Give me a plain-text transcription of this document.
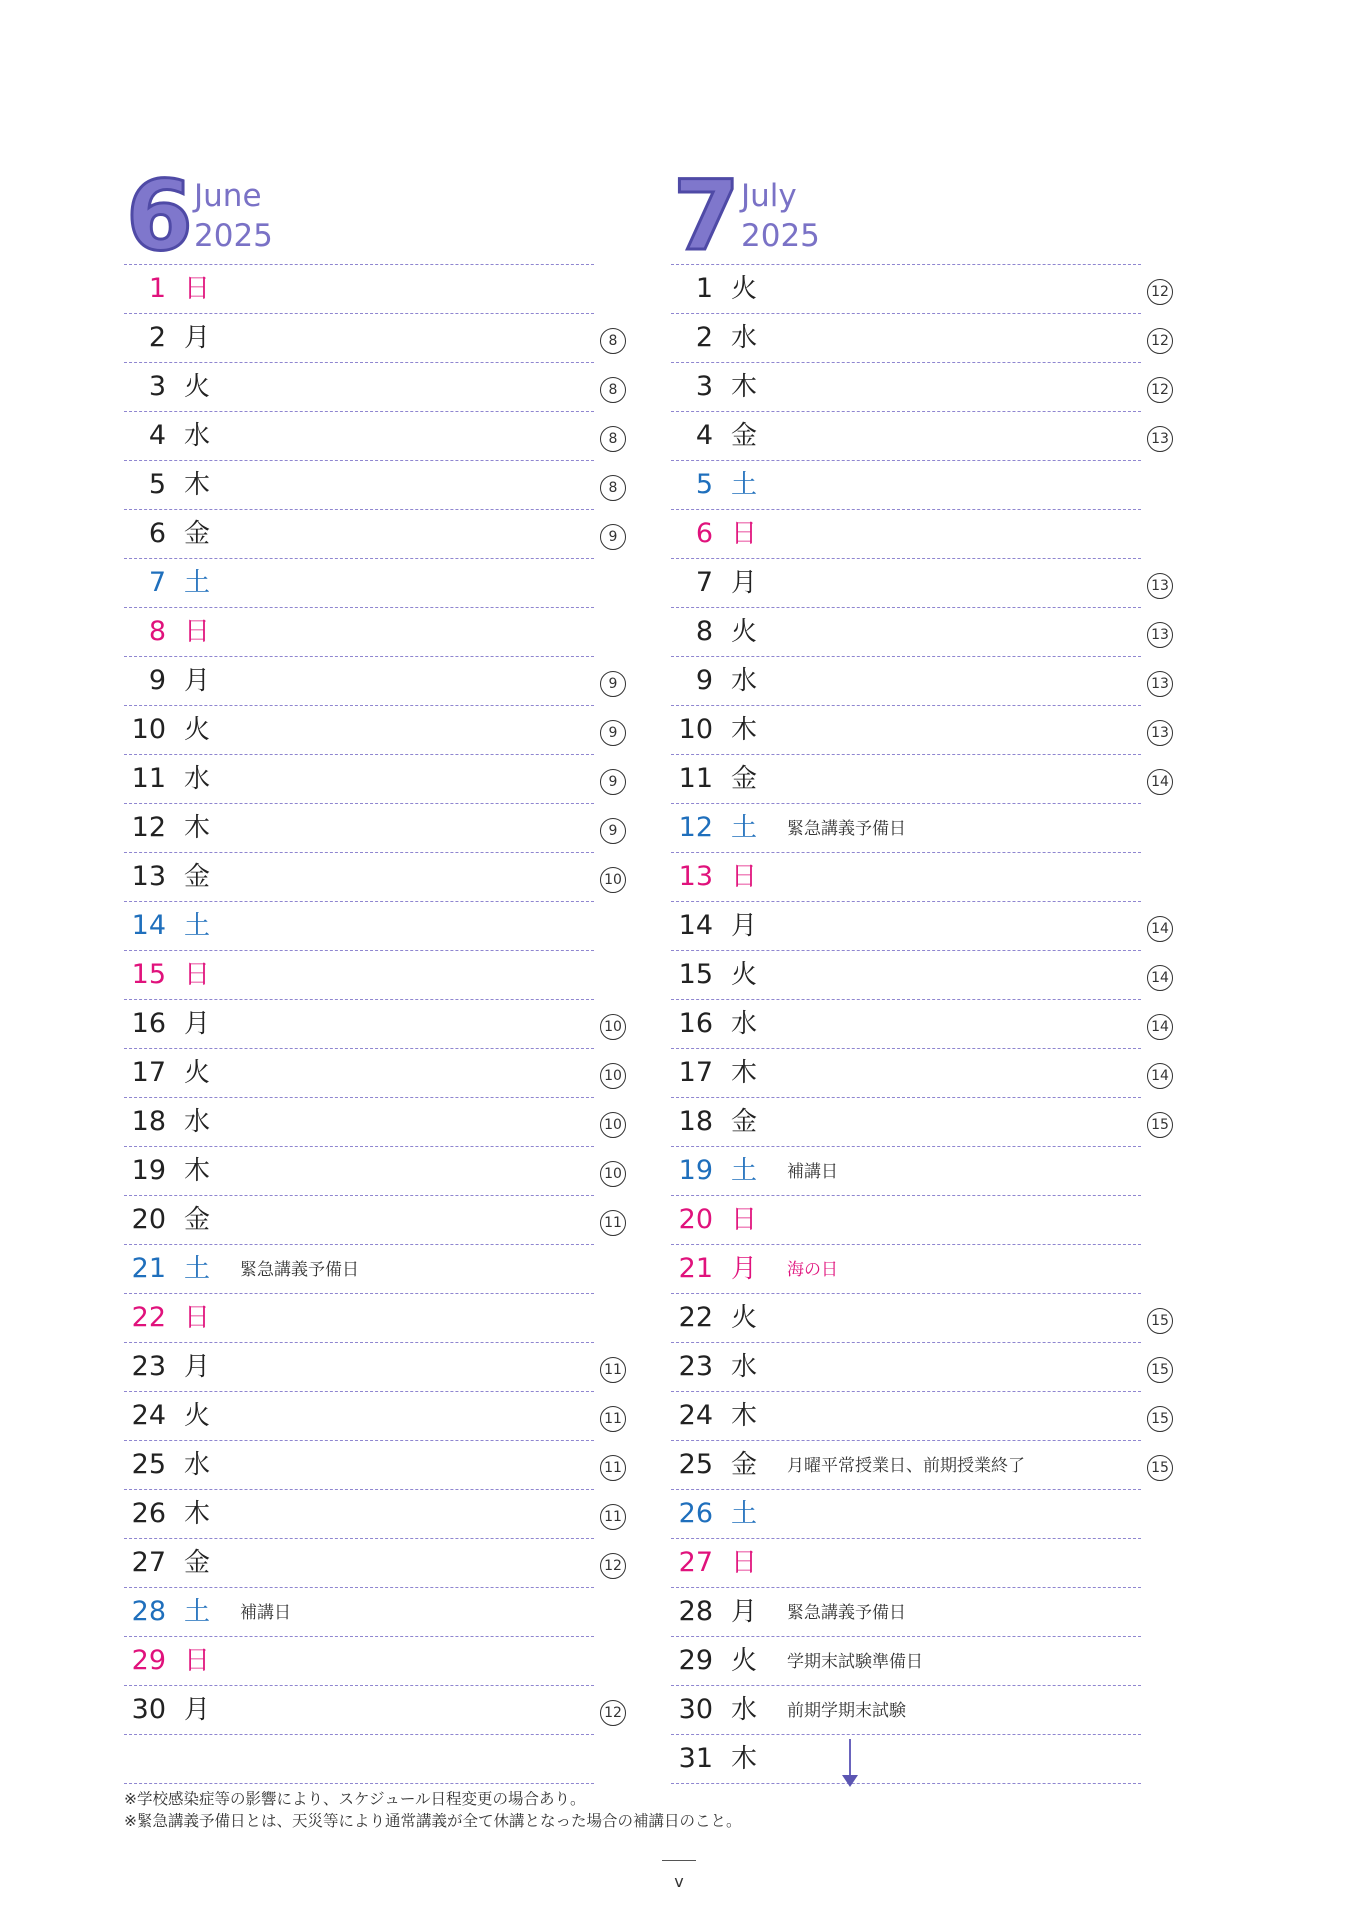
6 June
2025
1 日
2 月	8
3 火	8
4 水	8
5 木	8
6 金	9
7 土
8 日
9 月	9
10 火	9
11 水	9
12 木	9
13 金	10
14 土
15 日
16 月	10
17 火	10
18 水	10
19 木	10
20 金	11
21 土 緊急講義予備日
22 日
23 月	11
24 火	11
25 水	11
26 木	11
27 金	12
28 土 補講日
29 日
30 月	12
7 July
2025
1 火	12
2 水	12
3 木	12
4 金	13
5 土
6 日
7 月	13
8 火	13
9 水	13
10 木	13
11 金	14
12 土 緊急講義予備日
13 日
14 月	14
15 火	14
16 水	14
17 木	14
18 金	15
19 土 補講日
20 日
21 月 海の日
22 火	15
23 水	15
24 木	15
25 金 月曜平常授業日、前期授業終了	15
26 土
27 日
28 月 緊急講義予備日
29 火 学期末試験準備日
30 水 前期学期末試験
31 木
※学校感染症等の影響により、スケジュール日程変更の場合あり。
※緊急講義予備日とは、天災等により通常講義が全て休講となった場合の補講日のこと。
v
